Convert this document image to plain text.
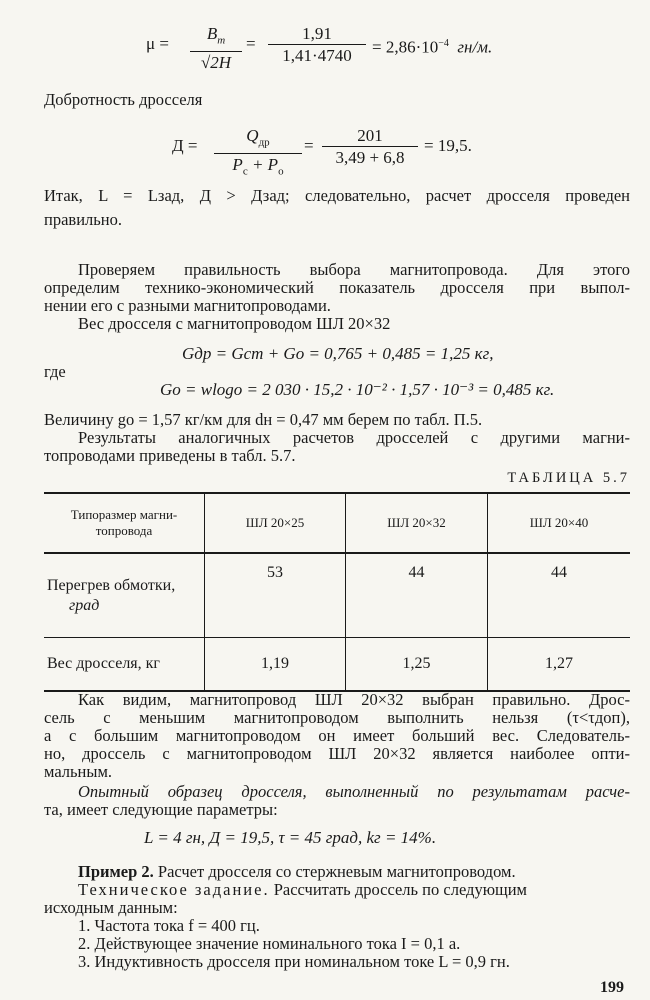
$\mu = \frac{B_m}{√2H} = \frac{1,91}{1,41\cdot 4740} = 2,86\cdot 10^{-4}$ гн/м.
Добротность дросселя
Д =
$Q_{др}$
$P_с + P_о$
= $\frac{201}{3,49 + 6,8} = 19,5$.
Итак, L = Lзад, Д > Дзад; следовательно, расчет дросселя проведен
правильно.
Проверяем правильность выбора магнитопровода. Для этого
определим технико-экономический показатель дросселя при выпол-
нении его с разными магнитопроводами.
Вес дросселя с магнитопроводом ШЛ 20×32
Gдр = Gст + Gо = 0,765 + 0,485 = 1,25 кг,
где
Gо = wlоgо = 2 030 · 15,2 · 10⁻² · 1,57 · 10⁻³ = 0,485 кг.
Величину gо = 1,57 кг/км для dн = 0,47 мм берем по табл. П.5.
Результаты аналогичных расчетов дросселей с другими магни-
топроводами приведены в табл. 5.7.
ТАБЛИЦА 5.7
Типоразмер магни-
топровода	ШЛ 20×25	ШЛ 20×32	ШЛ 20×40

Перегрев обмотки,
град	53	44	44
Вес дросселя, кг	1,19	1,25	1,27
Как видим, магнитопровод ШЛ 20×32 выбран правильно. Дрос-
сель с меньшим магнитопроводом выполнить нельзя (τ<τдоп),
а с большим магнитопроводом он имеет больший вес. Следователь-
но, дроссель с магнитопроводом ШЛ 20×32 является наиболее опти-
мальным.
Опытный образец дросселя, выполненный по результатам расче-
та, имеет следующие параметры:
L = 4 гн, Д = 19,5, τ = 45 град, kг = 14%.
Пример 2. Расчет дросселя со стержневым магнитопроводом.
Техническое задание. Рассчитать дроссель по следующим
исходным данным:
1. Частота тока f = 400 гц.
2. Действующее значение номинального тока I = 0,1 а.
3. Индуктивность дросселя при номинальном токе L = 0,9 гн.
199
